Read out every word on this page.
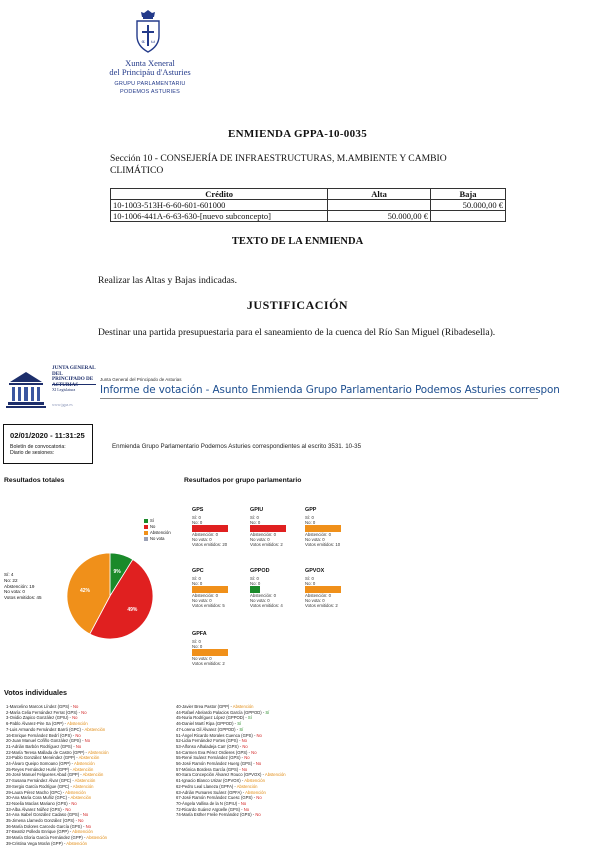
α ω
Xunta Xeneral
del Principáu d'Asturies
GRUPU PARLAMENTARIU
PODEMOS ASTURIES
ENMIENDA GPPA-10-0035
Sección 10 - CONSEJERÍA DE INFRAESTRUCTURAS, M.AMBIENTE Y CAMBIO CLIMÁTICO
Crédito	Alta	Baja
10-1003-513H-6-60-601-601000		50.000,00 €
10-1006-441A-6-63-630-[nuevo subconcepto]	50.000,00 €	
TEXTO DE LA ENMIENDA
Realizar las Altas y Bajas indicadas.
JUSTIFICACIÓN
Destinar una partida presupuestaria para el saneamiento de la cuenca del Río San Miguel (Ribadesella).
JUNTA GENERAL DEL PRINCIPADO DE
XI Legislatura
www.jgpa.es
Junta General del Principado de Asturias
Informe de votación - Asunto Enmienda Grupo Parlamentario Podemos Asturies correspon
02/01/2020 - 11:31:25
Boletín de convocatoria:
Diario de sesiones:
Enmienda Grupo Parlamentario Podemos Asturies correspondientes al escrito 3531. 10-35
Resultados totales	Resultados por grupo parlamentario
Sí
No
Abstención
No vota
Sí: 4
No: 22
Abstención: 19
No vota: 0
Votos emitidos: 45
9%
49%
42%
GPS
Sí: 0
No: 0
Abstención: 0
No vota: 0
Votos emitidos: 20
GPIU
Sí: 0
No: 0
Abstención: 0
No vota: 0
Votos emitidos: 2
GPP
Sí: 0
No: 0
Abstención: 0
No vota: 0
Votos emitidos: 10
GPC
Sí: 0
No: 0
Abstención: 0
No vota: 0
Votos emitidos: 5
GPPOD
Sí: 0
No: 0
Abstención: 0
No vota: 0
Votos emitidos: 4
GPVOX
Sí: 0
No: 0
Abstención: 0
No vota: 0
Votos emitidos: 2
GPFA
Sí: 0
No: 0
No vota: 0
Votos emitidos: 2
Votos individuales
1-Marcelino Marcos Líndez (GPS) - No
2-María Celia Fernández Ferrat (GPS) - No
3-Ovidio Zapico González (GPIU) - No
6-Pablo Álvarez-Pire Sa (GPP) - Abstención
7-Luis Armando Fernández Barró (GPC) - Abstención
16-Enrique Fernández Bedrí (GPS) - No
20-Juan Manuel Cofiño González (GPS) - No
21-Adrián Barbón Rodríguez (GPS) - No
22-María Teresa Mallada de Castro (GPP) - Abstención
23-Pablo González Menéndez (GPP) - Abstención
24-Álvaro Queipo Somoano (GPP) - Abstención
25-Reyes Fernández Hurlé (GPP) - Abstención
26-José Manuel Felgueres Abad (GPP) - Abstención
27-Susana Fernández Álvar (GPC) - Abstención
28-Sergio García Rodrígue (GPC) - Abstención
29-Laura Pérez Macho (GPC) - Abstención
30-Ana María Cora Muñiz (GPC) - Abstención
32-Noelia Macías Mariano (GPS) - No
33-Alba Álvarez Núñez (GPS) - No
34-Ana Isabel González Cadaso (GPS) - No
35-Jimena Llamedo González (GPS) - No
36-María Dolores Carcedo García (GPS) - No
37-Beatriz Polledo Enrique (GPP) - Abstención
38-María Gloria García Fernández (GPP) - Abstención
39-Cristina Vega Morán (GPP) - Abstención
40-Javier Brea Pastor (GPP) - Abstención
44-Rafael Abelardo Palacios García (GPPOD) - Sí
45-Nuria Rodríguez López (GPPOD) - Sí
46-Daniel Martí Ripa (GPPOD) - Sí
47-Lorena Gil Álvarez (GPPOD) - Sí
51-Ángel Ricardo Morales Cuenca (GPS) - No
52-Lidia Fernández Fortes (GPS) - No
53-Alfonso Alhaladeja Carr (GPS) - No
54-Carmen Eva Pérez Ordieres (GPS) - No
55-René Suárez Fernández (GPS) - No
56-José Ramón Fernández Huerg (GPS) - No
57-Mónica Bordera García (GPS) - No
60-Sara Concepción Álvarez Rouco (GPVOX) - Abstención
61-Ignacio Blanco Urizar (GPVOX) - Abstención
62-Pedro Leal Llaneza (GPFA) - Abstención
63-Adrián Pumares Suárez (GPFA) - Abstención
67-José Ramón Fernández Cuesc (GPS) - No
70-Ángela Vallina de la N (GPIU) - No
72-Ricardo Suárez Argüelle (GPS) - No
74-María Esther Freile Fernández (GPS) - No
